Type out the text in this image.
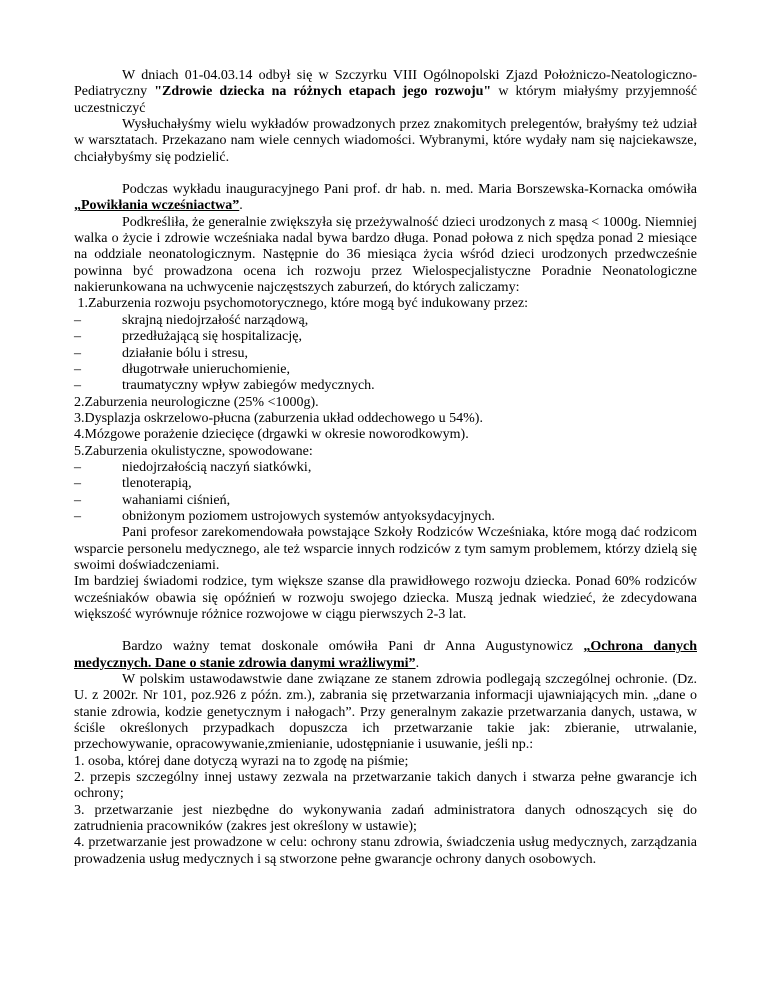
W dniach 01-04.03.14 odbył się w Szczyrku VIII Ogólnopolski Zjazd Położniczo-Neatologiczno-Pediatryczny "Zdrowie dziecka na różnych etapach jego rozwoju" w którym miałyśmy przyjemność uczestniczyć

Wysłuchałyśmy wielu wykładów prowadzonych przez znakomitych prelegentów, brałyśmy też udział w warsztatach. Przekazano nam wiele cennych wiadomości. Wybranymi, które wydały nam się najciekawsze, chciałybyśmy się podzielić.

Podczas wykładu inauguracyjnego Pani prof. dr hab. n. med. Maria Borszewska-Kornacka omówiła „Powikłania wcześniactwa”.

Podkreśliła, że generalnie zwiększyła się przeżywalność dzieci urodzonych z masą < 1000g. Niemniej walka o życie i zdrowie wcześniaka nadal bywa bardzo długa. Ponad połowa z nich spędza ponad 2 miesiące na oddziale neonatologicznym. Następnie do 36 miesiąca życia wśród dzieci urodzonych przedwcześnie powinna być prowadzona ocena ich rozwoju przez Wielospecjalistyczne Poradnie Neonatologiczne nakierunkowana na uchwycenie najczęstszych zaburzeń, do których zaliczamy:

1.Zaburzenia rozwoju psychomotorycznego, które mogą być indukowany przez:

–	skrajną niedojrzałość narządową,
–	przedłużającą się hospitalizację,
–	działanie bólu i stresu,
–	długotrwałe unieruchomienie,
–	traumatyczny wpływ zabiegów medycznych.

2.Zaburzenia neurologiczne (25% <1000g).

3.Dysplazja oskrzelowo-płucna (zaburzenia układ oddechowego u 54%).

4.Mózgowe porażenie dziecięce (drgawki w okresie noworodkowym).

5.Zaburzenia okulistyczne, spowodowane:

–	niedojrzałością naczyń siatkówki,
–	tlenoterapią,
–	wahaniami ciśnień,
–	obniżonym poziomem ustrojowych systemów antyoksydacyjnych.

Pani profesor zarekomendowała powstające Szkoły Rodziców Wcześniaka, które mogą dać rodzicom wsparcie personelu medycznego, ale też wsparcie innych rodziców z tym samym problemem, którzy dzielą się swoimi doświadczeniami.

Im bardziej świadomi rodzice, tym większe szanse dla prawidłowego rozwoju dziecka. Ponad 60% rodziców wcześniaków obawia się opóźnień w rozwoju swojego dziecka. Muszą jednak wiedzieć, że zdecydowana większość wyrównuje różnice rozwojowe w ciągu pierwszych 2-3 lat.

Bardzo ważny temat doskonale omówiła Pani dr Anna Augustynowicz „Ochrona danych medycznych. Dane o stanie zdrowia danymi wrażliwymi”.

W polskim ustawodawstwie dane związane ze stanem zdrowia podlegają szczególnej ochronie. (Dz. U. z 2002r. Nr 101, poz.926 z późn. zm.), zabrania się przetwarzania informacji ujawniających min. „dane o stanie zdrowia, kodzie genetycznym i nałogach”. Przy generalnym zakazie przetwarzania danych, ustawa, w ściśle określonych przypadkach dopuszcza ich przetwarzanie takie jak: zbieranie, utrwalanie, przechowywanie, opracowywanie,zmienianie, udostępnianie i usuwanie, jeśli np.:

1. osoba, której dane dotyczą wyrazi na to zgodę na piśmie;

2. przepis szczególny innej ustawy zezwala na przetwarzanie takich danych i stwarza pełne gwarancje ich ochrony;

3. przetwarzanie jest niezbędne do wykonywania zadań administratora danych odnoszących się do zatrudnienia pracowników (zakres jest określony w ustawie);

4. przetwarzanie jest prowadzone w celu: ochrony stanu zdrowia, świadczenia usług medycznych, zarządzania prowadzenia usług medycznych i są stworzone pełne gwarancje ochrony danych osobowych.
